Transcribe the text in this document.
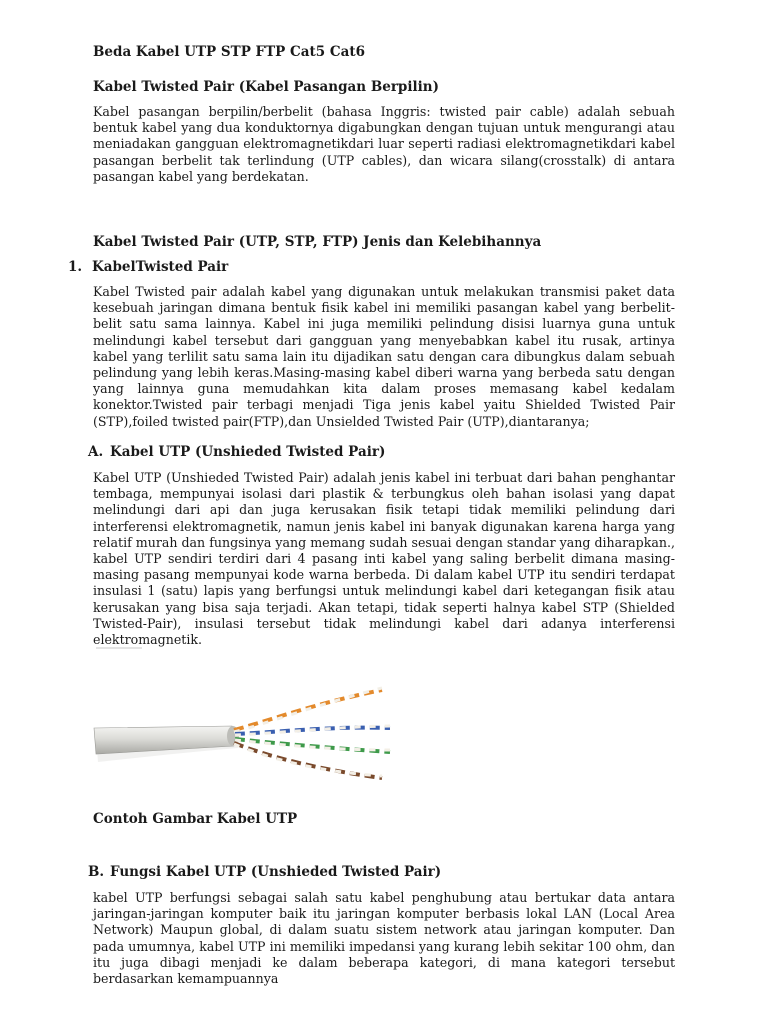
Beda Kabel UTP STP FTP Cat5 Cat6
Kabel Twisted Pair (Kabel Pasangan Berpilin)
Kabel pasangan berpilin/berbelit (bahasa Inggris: twisted pair cable) adalah sebuah bentuk kabel yang dua konduktornya digabungkan dengan tujuan untuk mengurangi atau meniadakan gangguan elektromagnetikdari luar seperti radiasi elektromagnetikdari kabel pasangan berbelit tak terlindung (UTP cables), dan wicara silang(crosstalk) di antara pasangan kabel yang berdekatan.
Kabel Twisted Pair (UTP, STP, FTP) Jenis dan Kelebihannya
1. KabelTwisted Pair
Kabel Twisted pair adalah kabel yang digunakan untuk melakukan transmisi paket data kesebuah jaringan dimana bentuk fisik kabel ini memiliki pasangan kabel yang berbelit-belit satu sama lainnya. Kabel ini juga memiliki pelindung disisi luarnya guna untuk melindungi kabel tersebut dari gangguan yang menyebabkan kabel itu rusak, artinya kabel yang terlilit satu sama lain itu dijadikan satu dengan cara dibungkus dalam sebuah pelindung yang lebih keras.Masing-masing kabel diberi warna yang berbeda satu dengan yang lainnya guna memudahkan kita dalam proses memasang kabel kedalam konektor.Twisted pair terbagi menjadi Tiga jenis kabel yaitu Shielded Twisted Pair (STP),foiled twisted pair(FTP),dan Unsielded Twisted Pair (UTP),diantaranya;
A. Kabel UTP (Unshieded Twisted Pair)
Kabel UTP (Unshieded Twisted Pair) adalah jenis kabel ini terbuat dari bahan penghantar tembaga, mempunyai isolasi dari plastik & terbungkus oleh bahan isolasi yang dapat melindungi dari api dan juga kerusakan fisik tetapi tidak memiliki pelindung dari interferensi elektromagnetik, namun jenis kabel ini banyak digunakan karena harga yang relatif murah dan fungsinya yang memang sudah sesuai dengan standar yang diharapkan., kabel UTP sendiri terdiri dari 4 pasang inti kabel yang saling berbelit dimana masing-masing pasang mempunyai kode warna berbeda. Di dalam kabel UTP itu sendiri terdapat insulasi 1 (satu) lapis yang berfungsi untuk melindungi kabel dari ketegangan fisik atau kerusakan yang bisa saja terjadi. Akan tetapi, tidak seperti halnya kabel STP (Shielded Twisted-Pair), insulasi tersebut tidak melindungi kabel dari adanya interferensi elektromagnetik.
Contoh Gambar Kabel UTP
B. Fungsi Kabel UTP (Unshieded Twisted Pair)
kabel UTP berfungsi sebagai salah satu kabel penghubung atau bertukar data antara jaringan-jaringan komputer baik itu jaringan komputer berbasis lokal LAN (Local Area Network) Maupun global, di dalam suatu sistem network atau jaringan komputer. Dan pada umumnya, kabel UTP ini memiliki impedansi yang kurang lebih sekitar 100 ohm, dan itu juga dibagi menjadi ke dalam beberapa kategori, di mana kategori tersebut berdasarkan kemampuannya
